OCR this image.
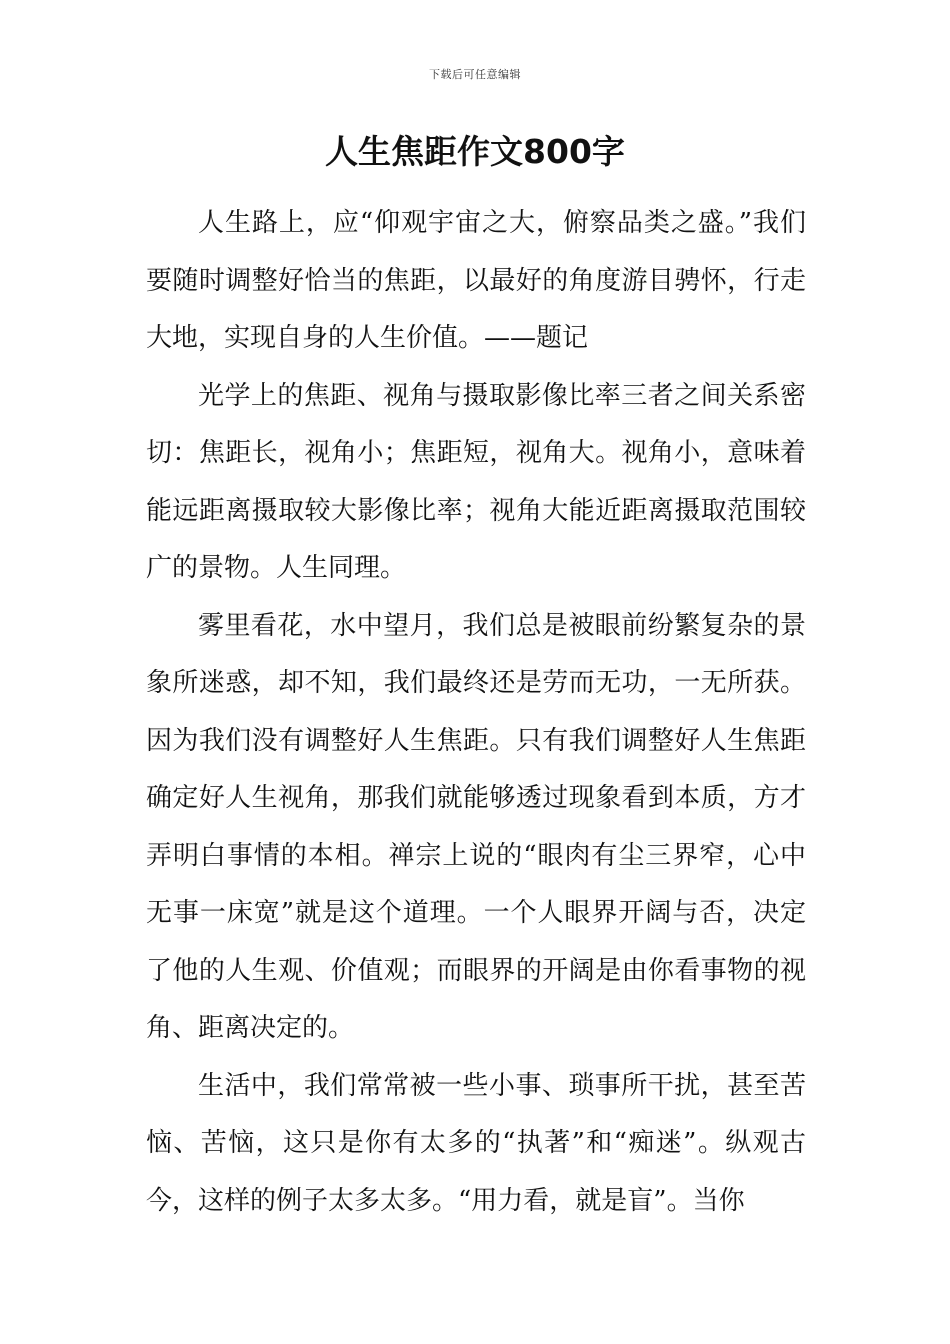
下载后可任意编辑
人生焦距作文800字

人生路上，应“仰观宇宙之大，俯察品类之盛。”我们要随时调整好恰当的焦距，以最好的角度游目骋怀，行走大地，实现自身的人生价值。——题记

光学上的焦距、视角与摄取影像比率三者之间关系密切：焦距长，视角小；焦距短，视角大。视角小，意味着能远距离摄取较大影像比率；视角大能近距离摄取范围较广的景物。人生同理。

雾里看花，水中望月，我们总是被眼前纷繁复杂的景象所迷惑，却不知，我们最终还是劳而无功，一无所获。因为我们没有调整好人生焦距。只有我们调整好人生焦距确定好人生视角，那我们就能够透过现象看到本质，方才弄明白事情的本相。禅宗上说的“眼肉有尘三界窄，心中无事一床宽”就是这个道理。一个人眼界开阔与否，决定了他的人生观、价值观；而眼界的开阔是由你看事物的视角、距离决定的。

生活中，我们常常被一些小事、琐事所干扰，甚至苦恼、苦恼，这只是你有太多的“执著”和“痴迷”。纵观古今，这样的例子太多太多。“用力看，就是盲”。当你
